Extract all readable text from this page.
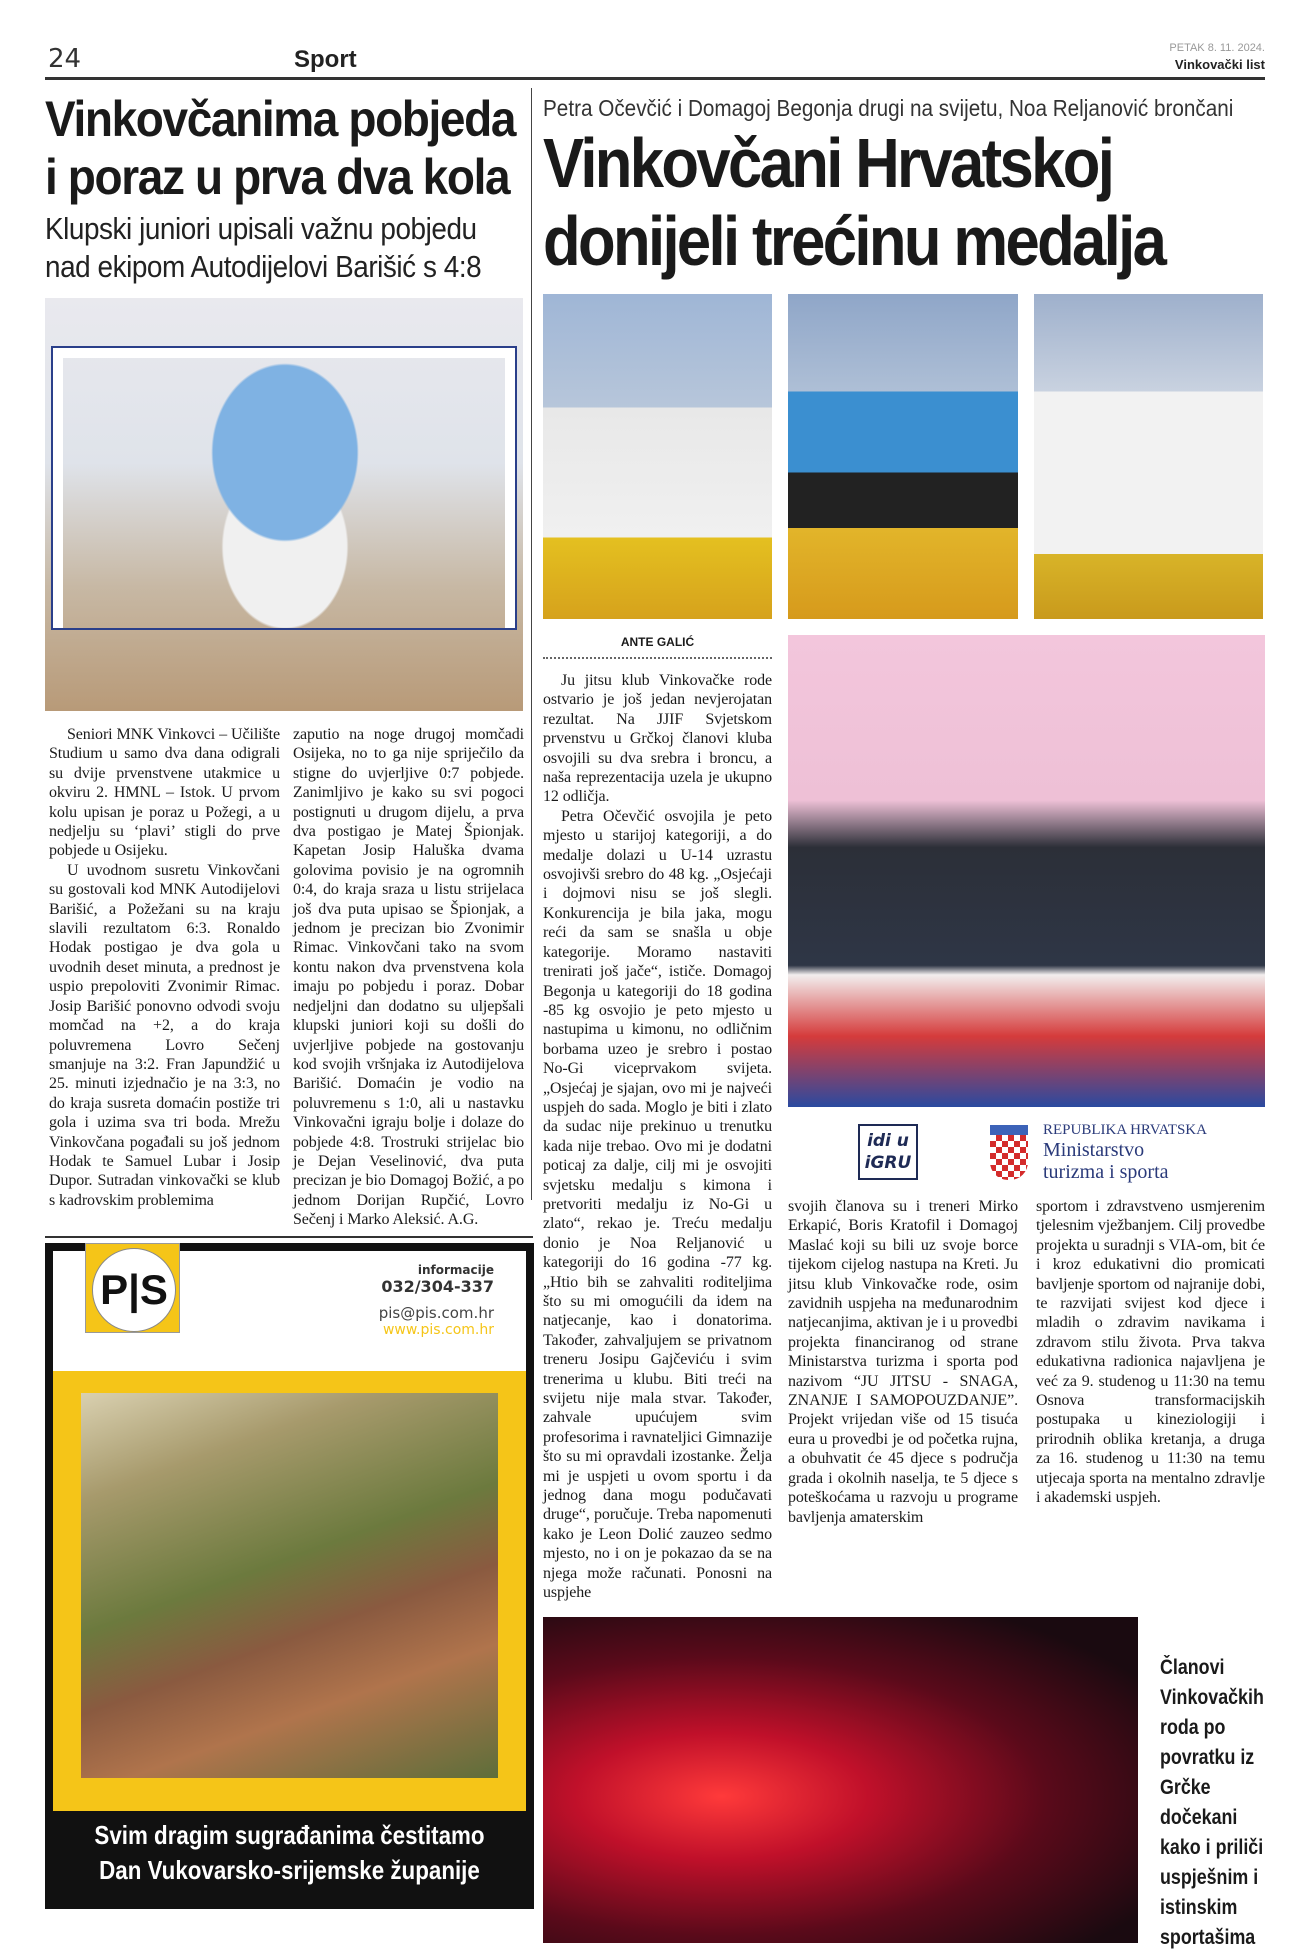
24	Sport	PETAK 8. 11. 2024.
Vinkovački list
Vinkovčanima pobjeda i poraz u prva dva kola
Klupski juniori upisali važnu pobjedu nad ekipom Autodijelovi Barišić s 4:8

Seniori MNK Vinkovci – Učilište Studium u samo dva dana odigrali su dvije prvenstvene utakmice u okviru 2. HMNL – Istok. U prvom kolu upisan je poraz u Požegi, a u nedjelju su ‘plavi’ stigli do prve pobjede u Osijeku.

U uvodnom susretu Vinkovčani su gostovali kod MNK Autodijelovi Barišić, a Požežani su na kraju slavili rezultatom 6:3. Ronaldo Hodak postigao je dva gola u uvodnih deset minuta, a prednost je uspio prepoloviti Zvonimir Rimac. Josip Barišić ponovno odvodi svoju momčad na +2, a do kraja poluvremena Lovro Sečenj smanjuje na 3:2. Fran Japundžić u 25. minuti izjednačio je na 3:3, no do kraja susreta domaćin postiže tri gola i uzima sva tri boda. Mrežu Vinkovčana pogađali su još jednom Hodak te Samuel Lubar i Josip Dupor. Sutradan vinkovački se klub s kadrovskim problemima

zaputio na noge drugoj momčadi Osijeka, no to ga nije spriječilo da stigne do uvjerljive 0:7 pobjede. Zanimljivo je kako su svi pogoci postignuti u drugom dijelu, a prva dva postigao je Matej Špionjak. Kapetan Josip Haluška dvama golovima povisio je na ogromnih 0:4, do kraja sraza u listu strijelaca još dva puta upisao se Špionjak, a jednom je precizan bio Zvonimir Rimac. Vinkovčani tako na svom kontu nakon dva prvenstvena kola imaju po pobjedu i poraz. Dobar nedjeljni dan dodatno su uljepšali klupski juniori koji su došli do uvjerljive pobjede na gostovanju kod svojih vršnjaka iz Autodijelova Barišić. Domaćin je vodio na poluvremenu s 1:0, ali u nastavku Vinkovačni igraju bolje i dolaze do pobjede 4:8. Trostruki strijelac bio je Dejan Veselinović, dva puta precizan je bio Domagoj Božić, a po jednom Dorijan Rupčić, Lovro Sečenj i Marko Aleksić. A.G.

P|S	informacije
032/304-337
pis@pis.com.hr
www.pis.com.hr
Svim dragim sugrađanima čestitamo
Dan Vukovarsko-srijemske županije
Petra Očevčić i Domagoj Begonja drugi na svijetu, Noa Reljanović brončani
Vinkovčani Hrvatskoj donijeli trećinu medalja
ANTE GALIĆ

Ju jitsu klub Vinkovačke rode ostvario je još jedan nevjerojatan rezultat. Na JJIF Svjetskom prvenstvu u Grčkoj članovi kluba osvojili su dva srebra i broncu, a naša reprezentacija uzela je ukupno 12 odličja.

Petra Očevčić osvojila je peto mjesto u starijoj kategoriji, a do medalje dolazi u U-14 uzrastu osvojivši srebro do 48 kg. „Osjećaji i dojmovi nisu se još slegli. Konkurencija je bila jaka, mogu reći da sam se snašla u obje kategorije. Moramo nastaviti trenirati još jače“, ističe. Domagoj Begonja u kategoriji do 18 godina -85 kg osvojio je peto mjesto u nastupima u kimonu, no odličnim borbama uzeo je srebro i postao No-Gi viceprvakom svijeta. „Osjećaj je sjajan, ovo mi je najveći uspjeh do sada. Moglo je biti i zlato da sudac nije prekinuo u trenutku kada nije trebao. Ovo mi je dodatni poticaj za dalje, cilj mi je osvojiti svjetsku medalju s kimona i pretvoriti medalju iz No-Gi u zlato“, rekao je. Treću medalju donio je Noa Reljanović u kategoriji do 16 godina -77 kg. „Htio bih se zahvaliti roditeljima što su mi omogućili da idem na natjecanje, kao i donatorima. Također, zahvaljujem se privatnom treneru Josipu Gajčeviću i svim trenerima u klubu. Biti treći na svijetu nije mala stvar. Također, zahvale upućujem svim profesorima i ravnateljici Gimnazije što su mi opravdali izostanke. Želja mi je uspjeti u ovom sportu i da jednog dana mogu podučavati druge“, poručuje. Treba napomenuti kako je Leon Dolić zauzeo sedmo mjesto, no i on je pokazao da se na njega može računati. Ponosni na uspjehe

idi u iGRU
REPUBLIKA HRVATSKA
Ministarstvo
turizma i sporta

svojih članova su i treneri Mirko Erkapić, Boris Kratofil i Domagoj Maslać koji su bili uz svoje borce tijekom cijelog nastupa na Kreti. Ju jitsu klub Vinkovačke rode, osim zavidnih uspjeha na međunarodnim natjecanjima, aktivan je i u provedbi projekta financiranog od strane Ministarstva turizma i sporta pod nazivom “JU JITSU - SNAGA, ZNANJE I SAMOPOUZDANJE”. Projekt vrijedan više od 15 tisuća eura u provedbi je od početka rujna, a obuhvatit će 45 djece s područja grada i okolnih naselja, te 5 djece s poteškoćama u razvoju u programe bavljenja amaterskim

sportom i zdravstveno usmjerenim tjelesnim vježbanjem. Cilj provedbe projekta u suradnji s VIA-om, bit će i kroz edukativni dio promicati bavljenje sportom od najranije dobi, te razvijati svijest kod djece i mladih o zdravim navikama i zdravom stilu života. Prva takva edukativna radionica najavljena je već za 9. studenog u 11:30 na temu Osnova transformacijskih postupaka u kineziologiji i prirodnih oblika kretanja, a druga za 16. studenog u 11:30 na temu utjecaja sporta na mentalno zdravlje i akademski uspjeh.

Članovi Vinkovačkih roda po povratku iz Grčke dočekani kako i priliči uspješnim i istinskim sportašima
